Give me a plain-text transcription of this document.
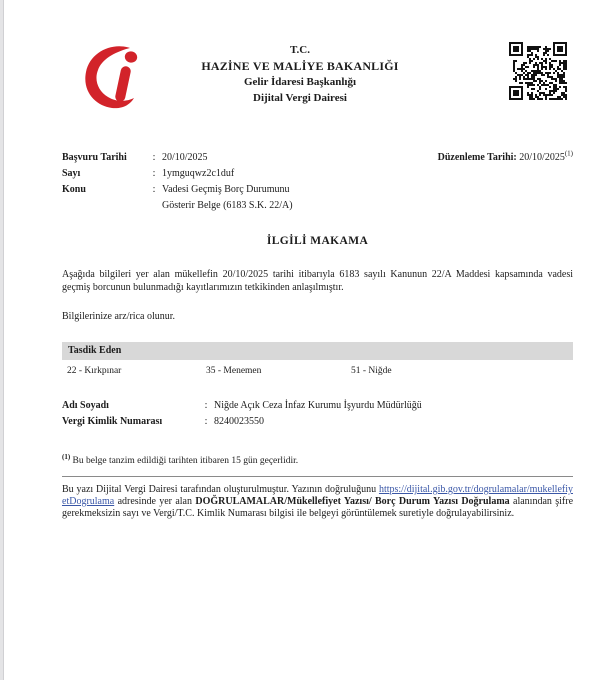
T.C.
HAZİNE VE MALİYE BAKANLIĞI
Gelir İdaresi Başkanlığı
Dijital Vergi Dairesi
Başvuru Tarihi	: 20/10/2025
Sayı	: 1ymguqwz2c1duf
Konu	: Vadesi Geçmiş Borç Durumunu
Gösterir Belge (6183 S.K. 22/A)
Düzenleme Tarihi: 20/10/2025$^{(1)}$
İLGİLİ MAKAMA

Aşağıda bilgileri yer alan mükellefin 20/10/2025 tarihi itibarıyla 6183 sayılı Kanunun 22/A Maddesi kapsamında vadesi geçmiş borcunun bulunmadığı kayıtlarımızın tetkikinden anlaşılmıştır.

Bilgilerinize arz/rica olunur.

Tasdik Eden
22 - Kırkpınar	35 - Menemen	51 - Niğde
Adı Soyadı	: Niğde Açık Ceza İnfaz Kurumu İşyurdu Müdürlüğü
Vergi Kimlik Numarası	: 8240023550
$^{(1)}$ Bu belge tanzim edildiği tarihten itibaren 15 gün geçerlidir.

Bu yazı Dijital Vergi Dairesi tarafından oluşturulmuştur. Yazının doğruluğunu https://dijital.gib.gov.tr/dogrulamalar/mukellefiyetDogrulama adresinde yer alan DOĞRULAMALAR/Mükellefiyet Yazısı/ Borç Durum Yazısı Doğrulama alanından şifre gerekmeksizin sayı ve Vergi/T.C. Kimlik Numarası bilgisi ile belgeyi görüntülemek suretiyle doğrulayabilirsiniz.
